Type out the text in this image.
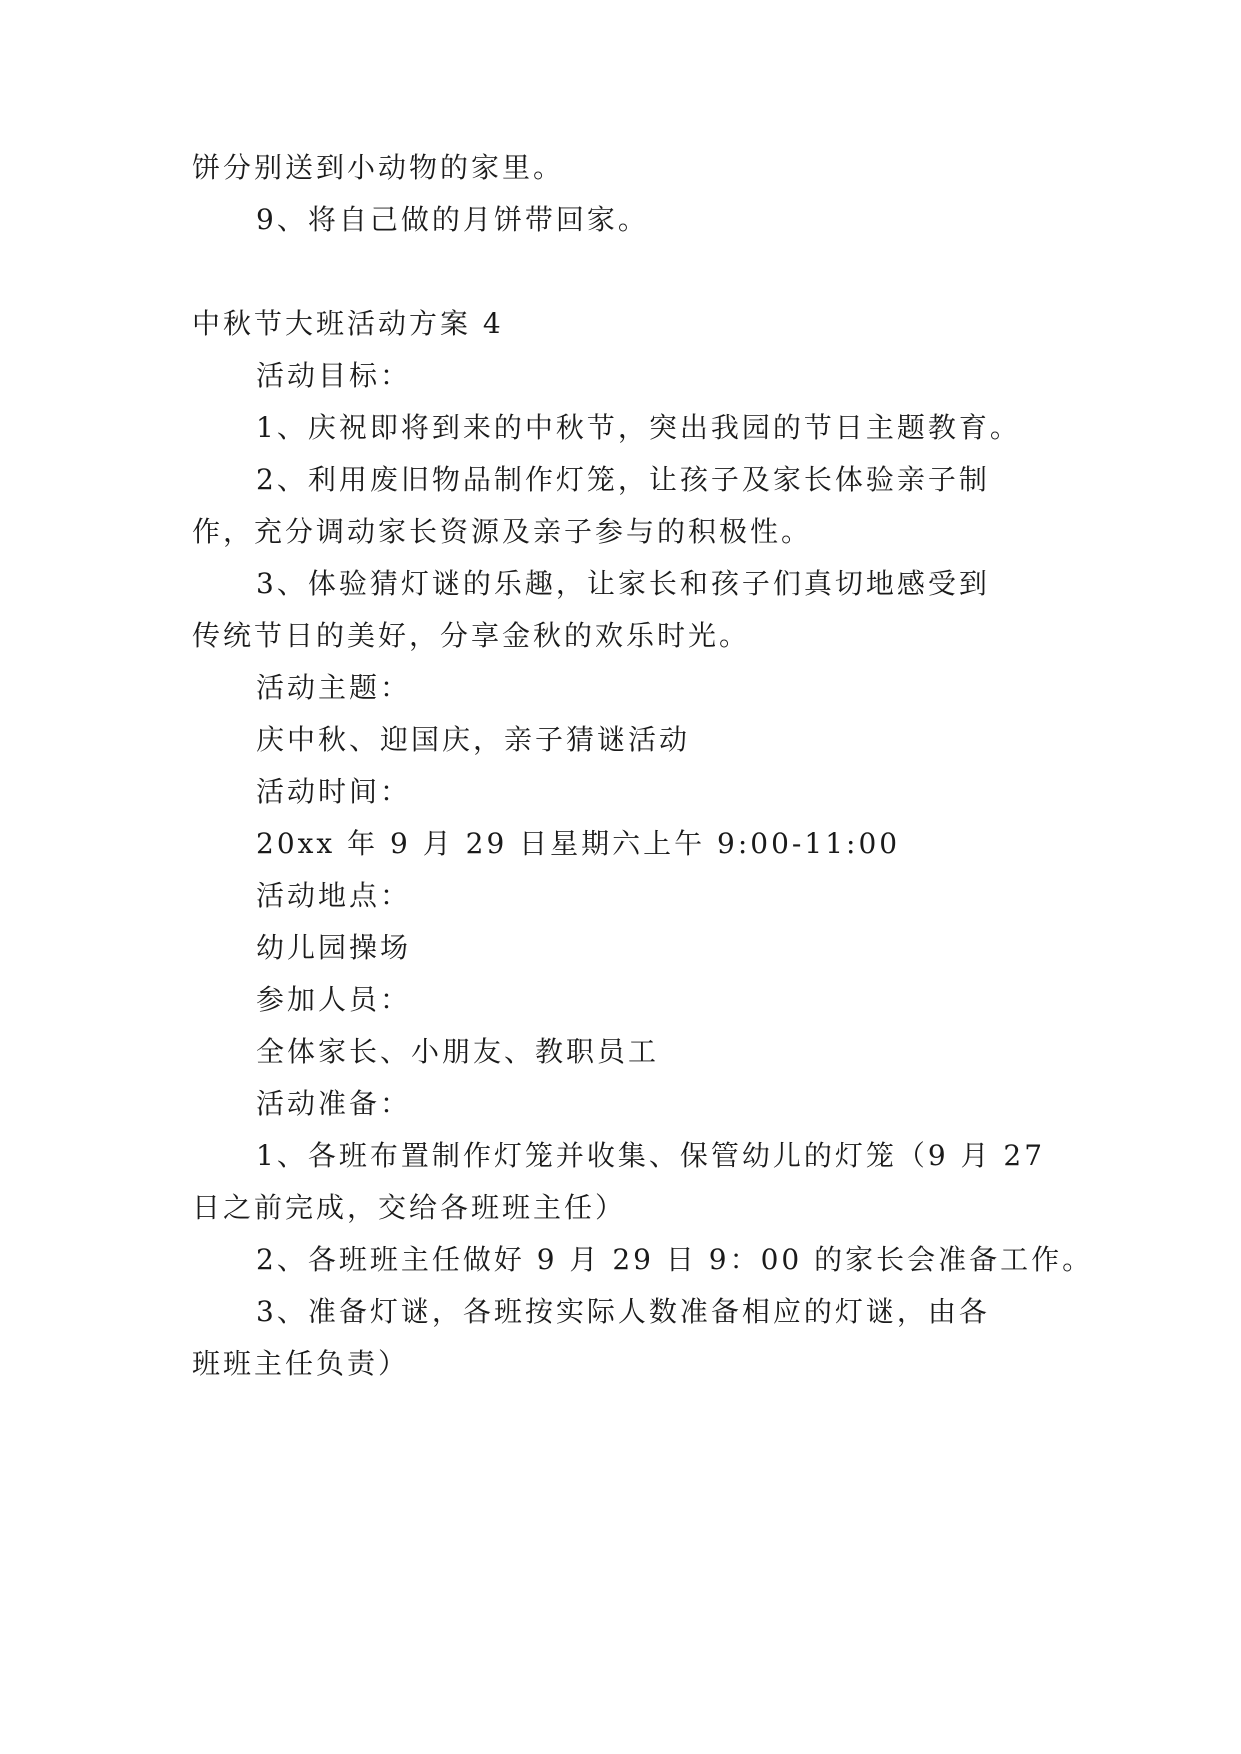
饼分别送到小动物的家里。
9、将自己做的月饼带回家。
中秋节大班活动方案 4
活动目标：
1、庆祝即将到来的中秋节，突出我园的节日主题教育。
2、利用废旧物品制作灯笼，让孩子及家长体验亲子制
作，充分调动家长资源及亲子参与的积极性。
3、体验猜灯谜的乐趣，让家长和孩子们真切地感受到
传统节日的美好，分享金秋的欢乐时光。
活动主题：
庆中秋、迎国庆，亲子猜谜活动
活动时间：
20xx 年 9 月 29 日星期六上午 9:00-11:00
活动地点：
幼儿园操场
参加人员：
全体家长、小朋友、教职员工
活动准备：
1、各班布置制作灯笼并收集、保管幼儿的灯笼（9 月 27
日之前完成，交给各班班主任）
2、各班班主任做好 9 月 29 日 9：00 的家长会准备工作。
3、准备灯谜，各班按实际人数准备相应的灯谜，由各
班班主任负责）
